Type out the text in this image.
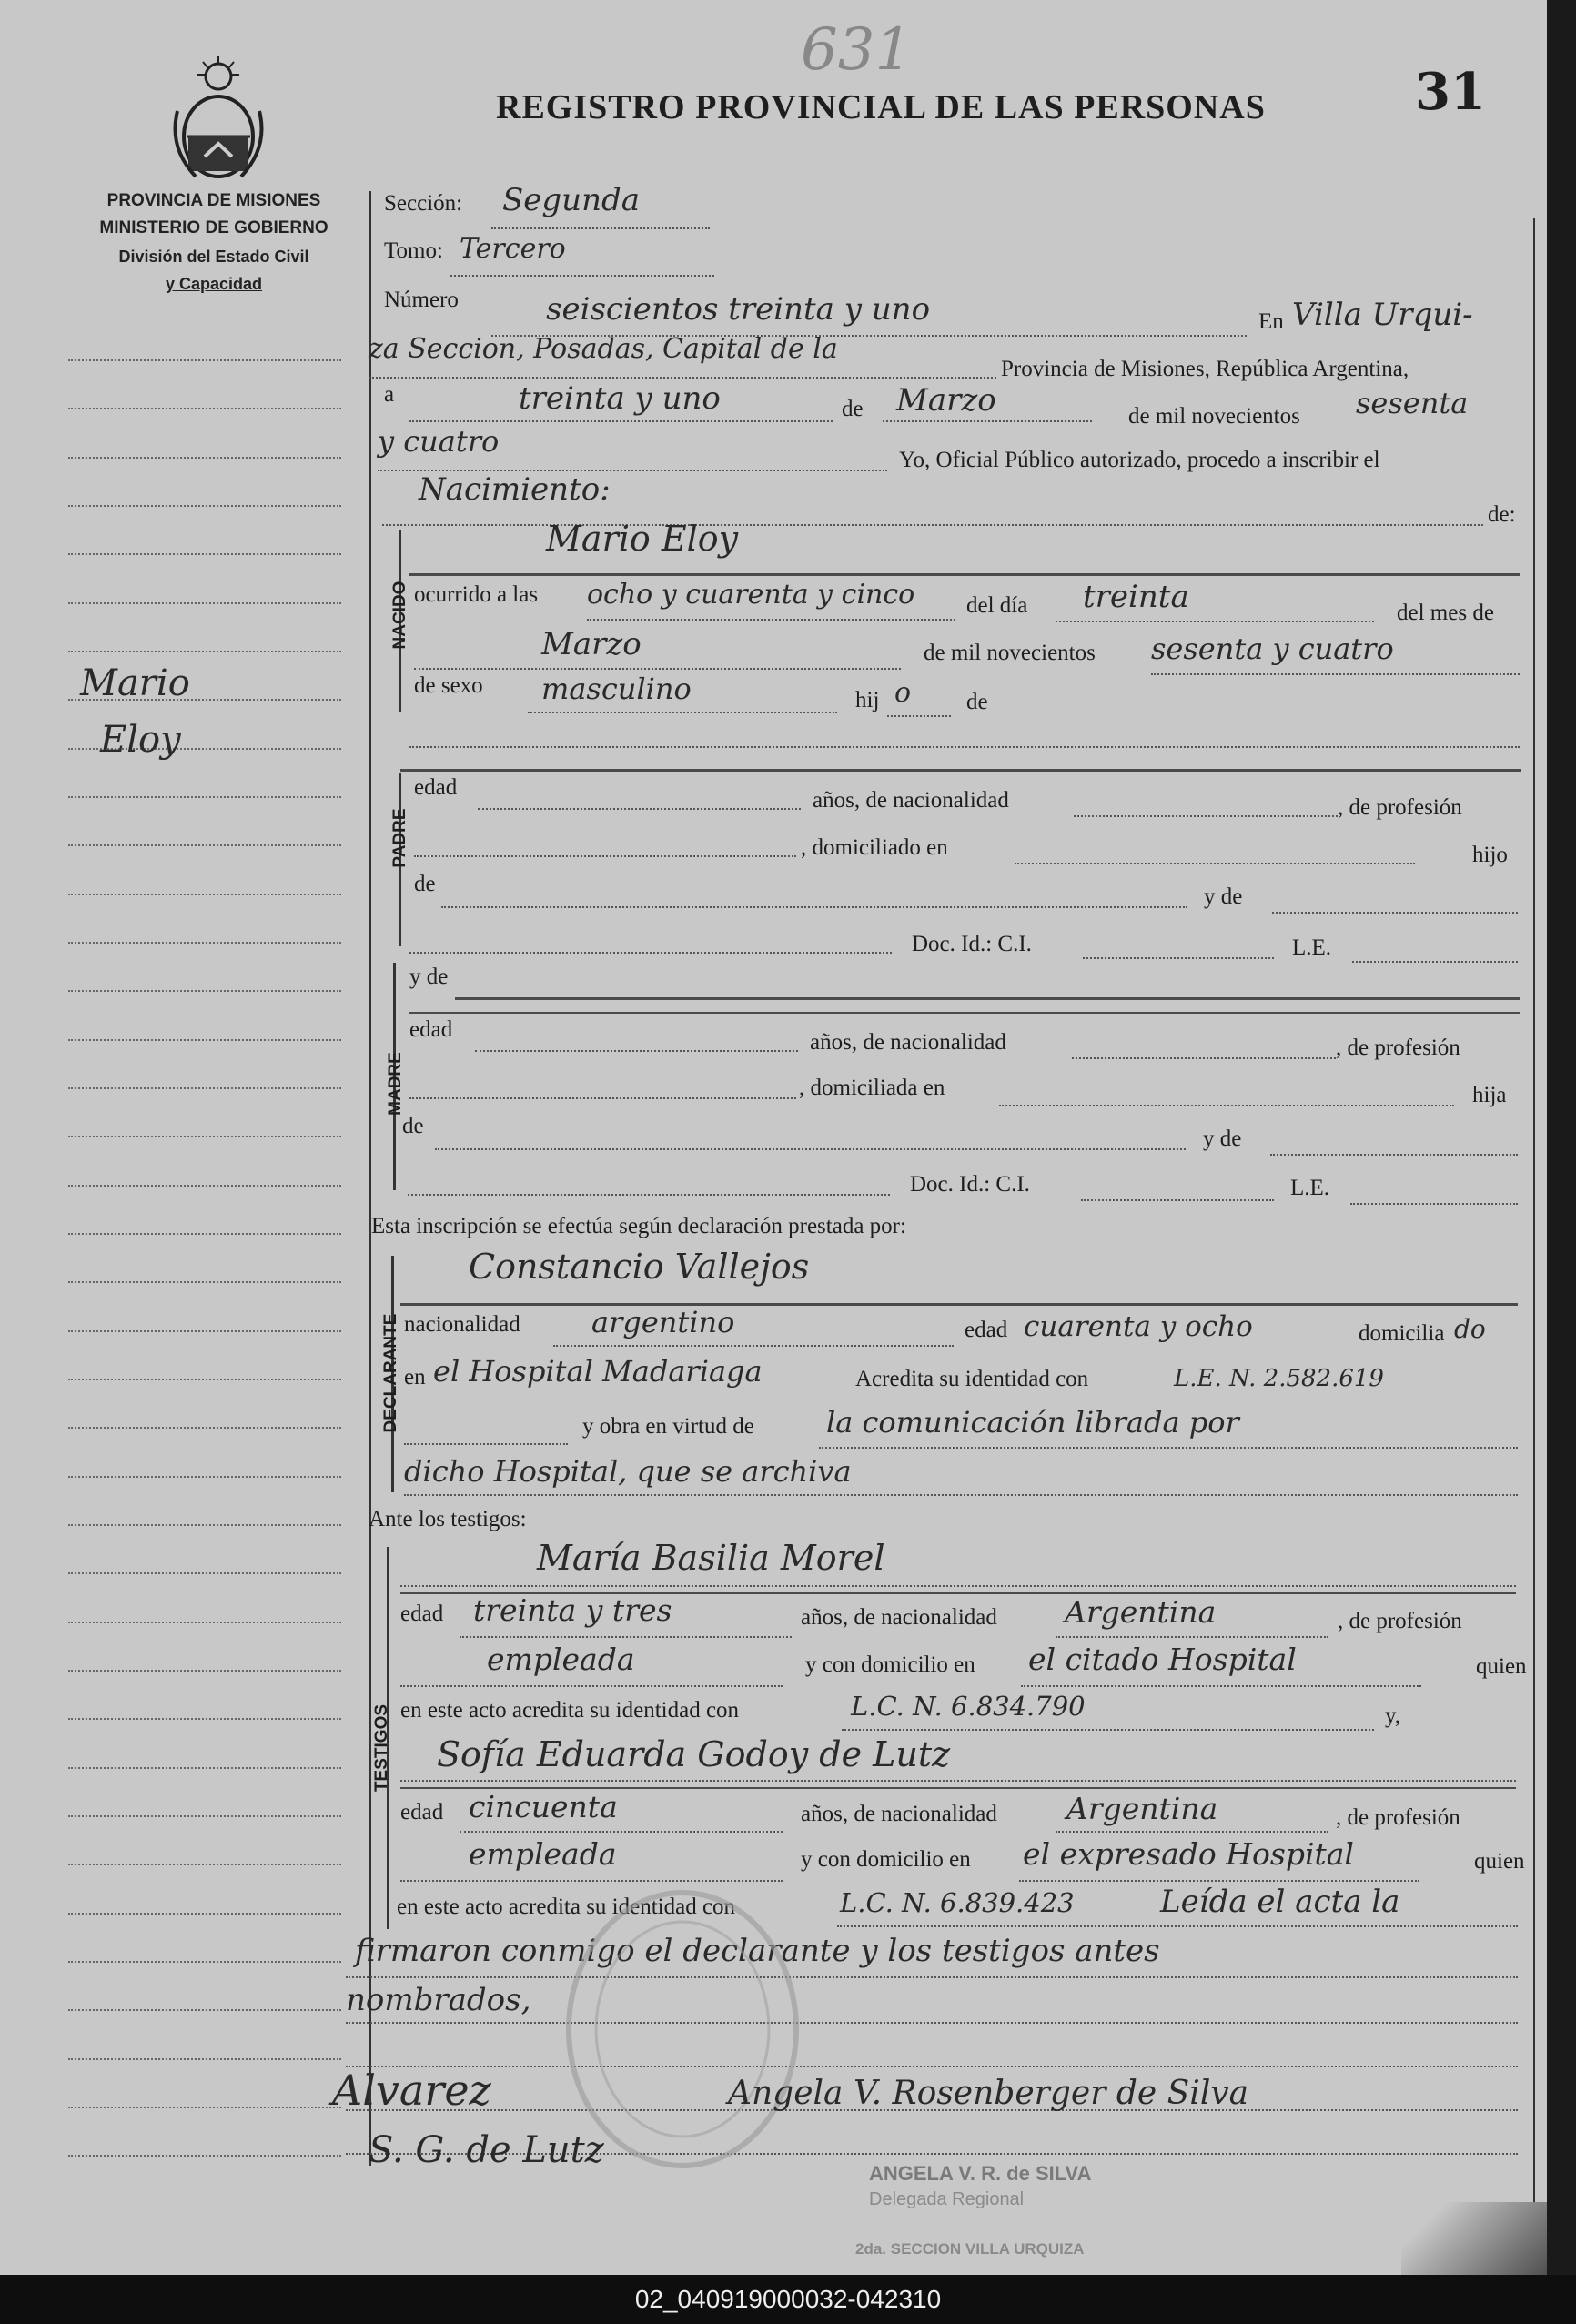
631
31
REGISTRO PROVINCIAL DE LAS PERSONAS
PROVINCIA DE MISIONES
MINISTERIO DE GOBIERNO
División del Estado Civil
y Capacidad
Mario
Eloy
Sección: Segunda
Tomo: Tercero
Número	seiscientos treinta y uno	En Villa Urqui-
za Seccion, Posadas, Capital de la
Provincia de Misiones, República Argentina,
a	treinta y uno	de Marzo	de mil novecientos sesenta
y cuatro
Yo, Oficial Público autorizado, procedo a inscribir el
Nacimiento:
de:
NACIDO
Mario Eloy
ocurrido a las ocho y cuarenta y cinco del día treinta	del mes de
Marzo	de mil novecientos sesenta y cuatro
de sexo masculino	hij o de
PADRE
edad
años, de nacionalidad	, de profesión
, domiciliado en	hijo
de
y de
Doc. Id.: C.I.	L.E.
y de
MADRE
edad
años, de nacionalidad	, de profesión
, domiciliada en	hija
de
y de
Doc. Id.: C.I.	L.E.
Esta inscripción se efectúa según declaración prestada por:
DECLARANTE
Constancio Vallejos
nacionalidad argentino	edad cuarenta y ocho	domicilia do
en el Hospital Madariaga	Acredita su identidad con	L.E. N. 2.582.619
y obra en virtud de la comunicación librada por
dicho Hospital, que se archiva
Ante los testigos:
TESTIGOS
María Basilia Morel
edad treinta y tres	años, de nacionalidad Argentina	, de profesión
empleada	y con domicilio en el citado Hospital	quien
en este acto acredita su identidad con	L.C. N. 6.834.790	y,
Sofía Eduarda Godoy de Lutz
edad cincuenta	años, de nacionalidad Argentina	, de profesión
empleada	y con domicilio en el expresado Hospital	quien
en este acto acredita su identidad con	L.C. N. 6.839.423	Leída el acta la
firmaron conmigo el declarante y los testigos antes
nombrados,
Alvarez	Angela V. Rosenberger de Silva
S. G. de Lutz
ANGELA V. R. de SILVA
Delegada Regional
2da. SECCION VILLA URQUIZA
02_040919000032-042310
